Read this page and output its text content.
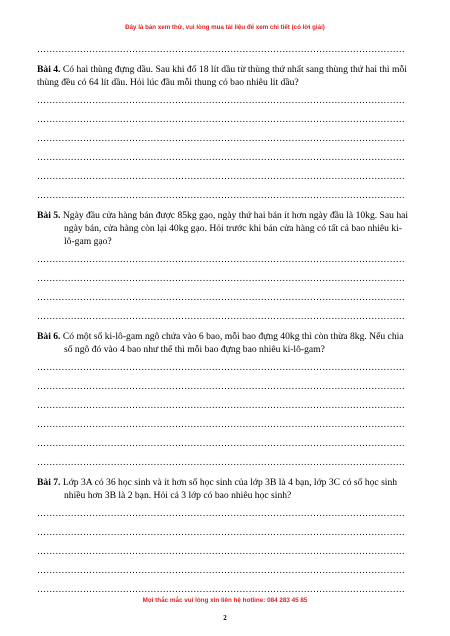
Đây là bản xem thử, vui lòng mua tài liệu để xem chi tiết (có lời giải)
…………………………………………………………………………………………………………
Bài 4. Có hai thùng đựng dầu. Sau khi đổ 18 lít dầu từ thùng thứ nhất sang thùng thứ hai thì mỗi thùng đều có 64 lít dầu. Hỏi lúc đầu mỗi thung có bao nhiêu lít dầu?
…………………………………………………………………………………………………………
…………………………………………………………………………………………………………
…………………………………………………………………………………………………………
…………………………………………………………………………………………………………
…………………………………………………………………………………………………………
…………………………………………………………………………………………………………
Bài 5. Ngày đầu cửa hàng bán được 85kg gạo, ngày thứ hai bán ít hơn ngày đầu là 10kg. Sau hai ngày bán, cửa hàng còn lại 40kg gạo. Hỏi trước khi bán cửa hàng có tất cả bao nhiêu ki-lô-gam gạo?
…………………………………………………………………………………………………………
…………………………………………………………………………………………………………
…………………………………………………………………………………………………………
…………………………………………………………………………………………………………
Bài 6. Có một số ki-lô-gam ngô chứa vào 6 bao, mỗi bao đựng 40kg thì còn thừa 8kg. Nếu chia số ngô đó vào 4 bao như thế thì mỗi bao đựng bao nhiêu ki-lô-gam?
…………………………………………………………………………………………………………
…………………………………………………………………………………………………………
…………………………………………………………………………………………………………
…………………………………………………………………………………………………………
…………………………………………………………………………………………………………
…………………………………………………………………………………………………………
Bài 7. Lớp 3A có 36 học sinh và ít hơn số học sinh của lớp 3B là 4 bạn, lớp 3C có số học sinh nhiều hơn 3B là 2 bạn. Hỏi cả 3 lớp có bao nhiêu học sinh?
…………………………………………………………………………………………………………
…………………………………………………………………………………………………………
…………………………………………………………………………………………………………
…………………………………………………………………………………………………………
…………………………………………………………………………………………………………
Mọi thắc mắc vui lòng xin liên hệ hotline: 084 283 45 85
2
